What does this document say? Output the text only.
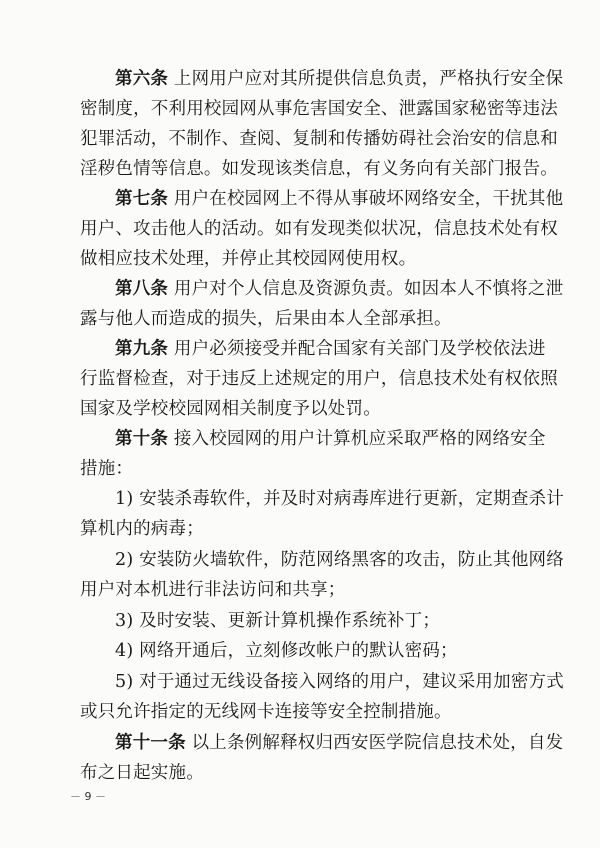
第六条 上网用户应对其所提供信息负责，严格执行安全保
密制度，不利用校园网从事危害国安全、泄露国家秘密等违法
犯罪活动，不制作、查阅、复制和传播妨碍社会治安的信息和
淫秽色情等信息。如发现该类信息，有义务向有关部门报告。
第七条 用户在校园网上不得从事破坏网络安全，干扰其他
用户、攻击他人的活动。如有发现类似状况，信息技术处有权
做相应技术处理，并停止其校园网使用权。
第八条 用户对个人信息及资源负责。如因本人不慎将之泄
露与他人而造成的损失，后果由本人全部承担。
第九条 用户必须接受并配合国家有关部门及学校依法进
行监督检查，对于违反上述规定的用户，信息技术处有权依照
国家及学校校园网相关制度予以处罚。
第十条 接入校园网的用户计算机应采取严格的网络安全
措施：
1) 安装杀毒软件，并及时对病毒库进行更新，定期查杀计
算机内的病毒；
2) 安装防火墙软件，防范网络黑客的攻击，防止其他网络
用户对本机进行非法访问和共享；
3) 及时安装、更新计算机操作系统补丁；
－ 9 －
4) 网络开通后，立刻修改帐户的默认密码；
5) 对于通过无线设备接入网络的用户，建议采用加密方式
或只允许指定的无线网卡连接等安全控制措施。
第十一条 以上条例解释权归西安医学院信息技术处，自发
布之日起实施。
